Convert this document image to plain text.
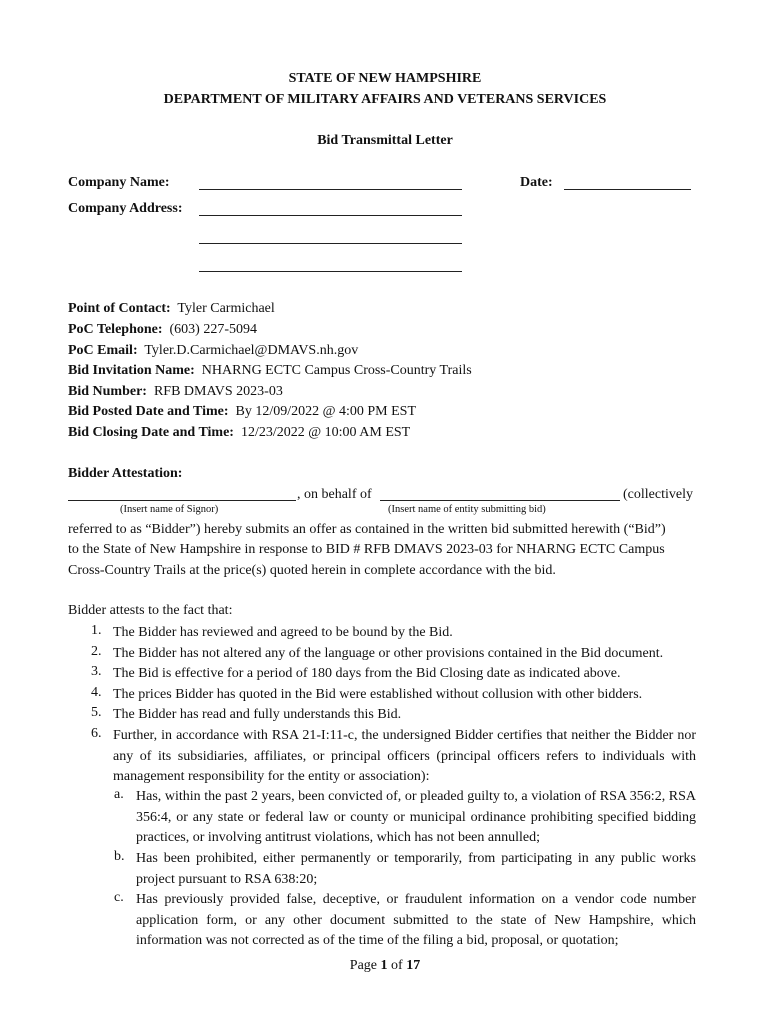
STATE OF NEW HAMPSHIRE
DEPARTMENT OF MILITARY AFFAIRS AND VETERANS SERVICES
Bid Transmittal Letter
Company Name:	Date:
Company Address:
Point of Contact: Tyler Carmichael
PoC Telephone: (603) 227-5094
PoC Email: Tyler.D.Carmichael@DMAVS.nh.gov
Bid Invitation Name: NHARNG ECTC Campus Cross-Country Trails
Bid Number: RFB DMAVS 2023-03
Bid Posted Date and Time: By 12/09/2022 @ 4:00 PM EST
Bid Closing Date and Time: 12/23/2022 @ 10:00 AM EST
Bidder Attestation:
, on behalf of	(collectively
(Insert name of Signor)	(Insert name of entity submitting bid)
referred to as “Bidder”) hereby submits an offer as contained in the written bid submitted herewith (“Bid”)
to the State of New Hampshire in response to BID # RFB DMAVS 2023-03 for NHARNG ECTC Campus
Cross-Country Trails at the price(s) quoted herein in complete accordance with the bid.
Bidder attests to the fact that:
1. The Bidder has reviewed and agreed to be bound by the Bid.
2. The Bidder has not altered any of the language or other provisions contained in the Bid document.
3. The Bid is effective for a period of 180 days from the Bid Closing date as indicated above.
4. The prices Bidder has quoted in the Bid were established without collusion with other bidders.
5. The Bidder has read and fully understands this Bid.
6. Further, in accordance with RSA 21-I:11-c, the undersigned Bidder certifies that neither the Bidder nor any of its subsidiaries, affiliates, or principal officers (principal officers refers to individuals with management responsibility for the entity or association):
a. Has, within the past 2 years, been convicted of, or pleaded guilty to, a violation of RSA 356:2, RSA 356:4, or any state or federal law or county or municipal ordinance prohibiting specified bidding practices, or involving antitrust violations, which has not been annulled;
b. Has been prohibited, either permanently or temporarily, from participating in any public works project pursuant to RSA 638:20;
c. Has previously provided false, deceptive, or fraudulent information on a vendor code number application form, or any other document submitted to the state of New Hampshire, which information was not corrected as of the time of the filing a bid, proposal, or quotation;
Page 1 of 17
